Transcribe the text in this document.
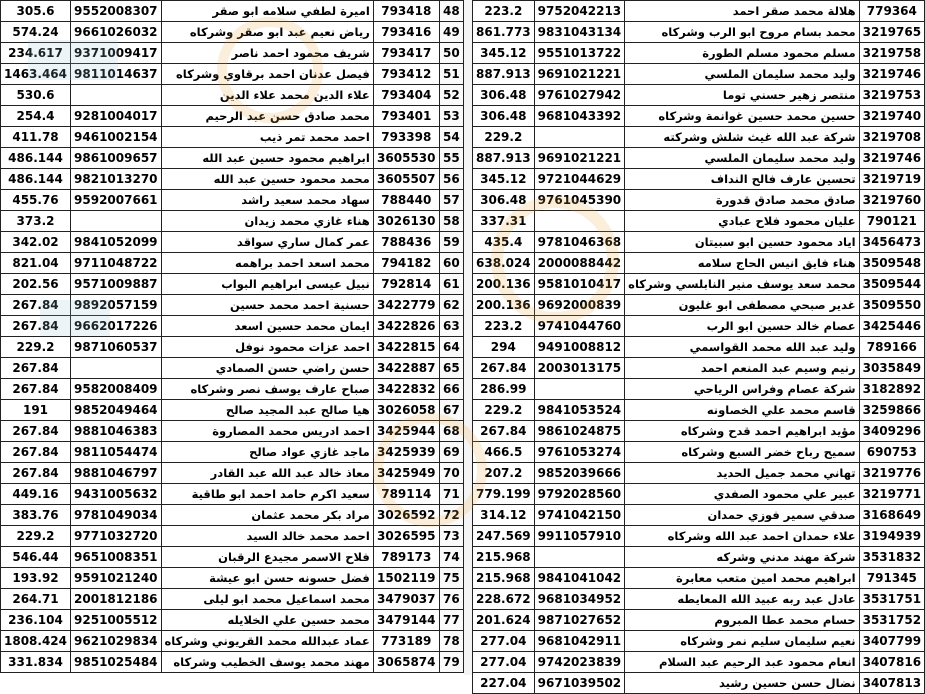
305.6	9552008307	اميرة لطفي سلامه ابو صقر	793418	48
574.24	9661026032	رياض نعيم عبد ابو صقر وشركاه	793416	49
234.617	9371009417	شريف محمود احمد ناصر	793417	50
1463.464	9811014637	فيصل عدنان احمد برقاوي وشركاه	793412	51
530.6		علاء الدين محمد علاء الدين	793404	52
254.4	9281004017	محمد صادق حسن عبد الرحيم	793401	53
411.78	9461002154	احمد محمد تمر ذيب	793398	54
486.144	9861009657	ابراهيم محمود حسين عبد الله	3605530	55
486.144	9821013270	محمد محمود حسين عبد الله	3605507	56
455.76	9592007661	سهاد محمد سعيد راشد	788440	57
373.2		هناء غازي محمد زيدان	3026130	58
342.02	9841052099	عمر كمال ساري سواقد	788436	59
821.04	9711048722	محمد اسعد احمد براهمه	794182	60
202.56	9571009887	نبيل عيسى ابراهيم البواب	792814	61
267.84	9892057159	حسنية احمد محمد حسين	3422779	62
267.84	9662017226	ايمان محمد حسين اسعد	3422826	63
229.2	9871060537	احمد عزات محمود نوفل	3422815	64
267.84		حسن راضي حسن الصمادي	3422887	65
267.84	9582008409	صباح عارف يوسف نصر وشركاه	3422832	66
191	9852049464	هيا صالح عبد المجيد صالح	3026058	67
267.84	9881046383	احمد ادريس محمد المصاروة	3425944	68
267.84	9811054474	ماجد غازي عواد صالح	3425939	69
267.84	9881046797	معاذ خالد عبد الله عبد القادر	3425949	70
449.16	9431005632	سعيد اكرم حامد احمد ابو طاقية	789114	71
383.76	9781049034	مراد بكر محمد عثمان	3026592	72
229.2	9771032720	احمد محمد خالد السيد	3026595	73
546.44	9651008351	فلاح الاسمر مجيدع الرقبان	789173	74
193.92	9591021240	فضل حسونه حسن ابو عيشة	1502119	75
264.71	2001812186	محمد اسماعيل محمد ابو ليلى	3479037	76
236.104	9251005512	محمد حسين علي الخلايله	3479144	77
1808.424	9621029834	عماد عبدالله محمد القريوني وشركاه	773189	78
331.834	9851025484	مهند محمد يوسف الخطيب وشركاه	3065874	79
223.2	9752042213	هلالة محمد صقر احمد	779364
861.773	9831043134	محمد بسام مروح ابو الرب وشركاه	3219765
345.12	9551013722	مسلم محمود مسلم الطورة	3219758
887.913	9691021221	وليد محمد سليمان الملسي	3219746
306.48	9761027942	منتصر زهير حسني توما	3219753
306.48	9681043392	حسين محمد حسين غوانمة وشركاه	3219740
229.2		شركة عبد الله غيث شلش وشركته	3219708
887.913	9691021221	وليد محمد سليمان الملسي	3219746
345.12	9721044629	تحسين عارف فالح النداف	3219719
306.48	9761045390	صادق محمد صادق قدورة	3219760
337.31		عليان محمود فلاح عبادي	790121
435.4	9781046368	اياد محمود حسين ابو سبيتان	3456473
638.024	2000088442	هناء فايق انيس الحاج سلامه	3509548
200.136	9581010417	محمد سعد يوسف منير النابلسي وشركاه	3509544
200.136	9692000839	غدير صبحي مصطفى ابو غليون	3509550
223.2	9741044760	عصام خالد حسين ابو الرب	3425446
294	9491008812	وليد عبد الله محمد القواسمي	789166
267.84	2003013175	رنيم وسيم عبد المنعم احمد	3035849
286.99		شركة عصام وفراس الرياحي	3182892
229.2	9841053524	قاسم محمد علي الخصاونه	3259866
267.84	9861024875	مؤيد ابراهيم احمد قدح وشركاه	3409296
466.5	9761053274	سميح رباح خضر السبع وشركاه	690753
207.2	9852039666	تهاني محمد جميل الحديد	3219776
779.199	9792028560	عبير علي محمود الصفدي	3219771
314.12	9741042150	صدقي سمير فوزي حمدان	3168649
247.569	9911057910	علاء حمدان احمد عبد الله وشركاه	3194939
215.968		شركة مهند مدني وشركه	3531832
215.968	9841041042	ابراهيم محمد امين متعب معابرة	791345
228.672	9681034952	عادل عبد ربه عبيد الله المعايطه	3531751
201.624	9871027652	حسام محمد عطا المبروم	3531752
277.04	9681042911	نعيم سليمان سليم نمر وشركاه	3407799
277.04	9742023839	انعام محمود عبد الرحيم عبد السلام	3407816
227.04	9671039502	نضال حسن حسين رشيد	3407813
